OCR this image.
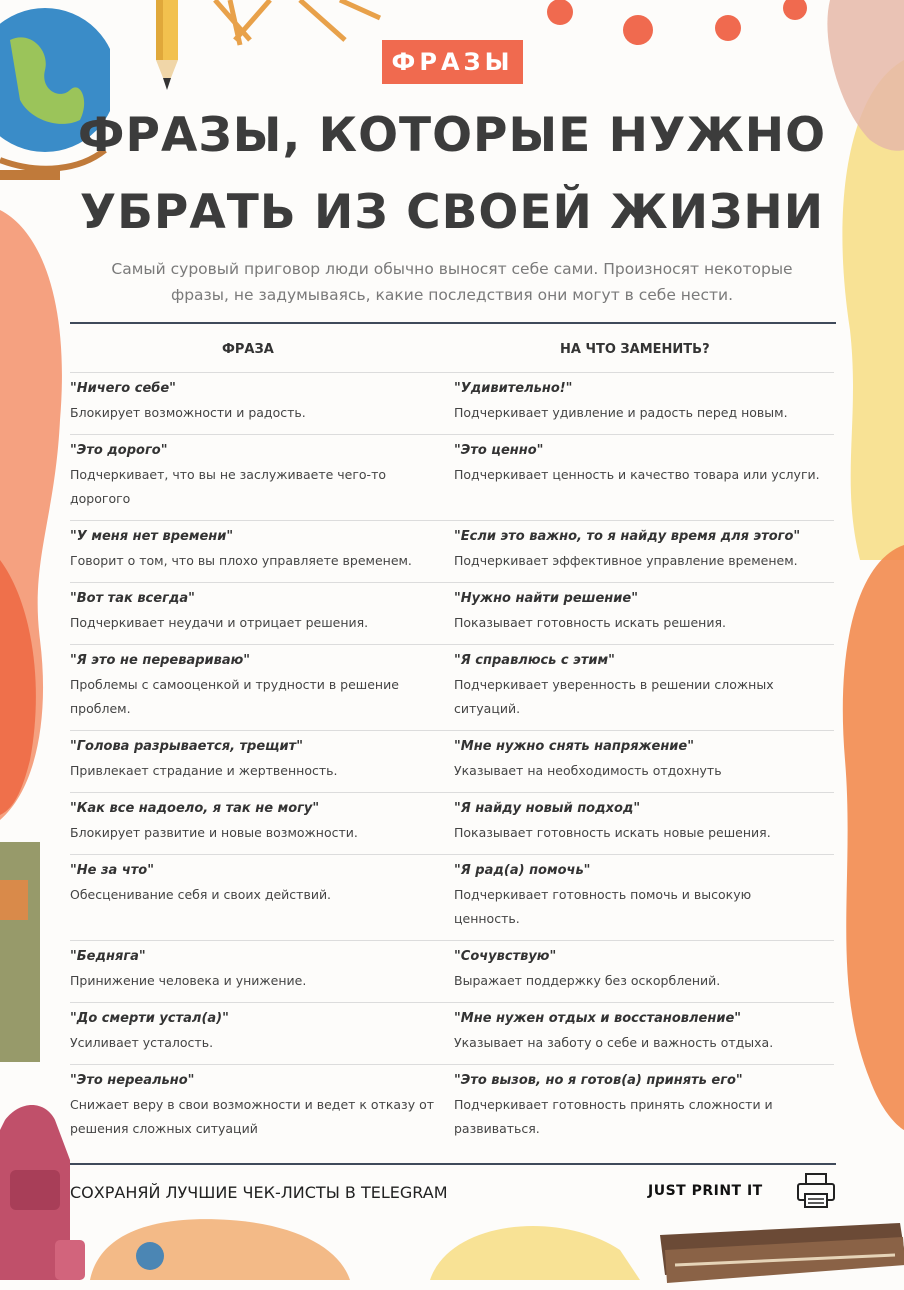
ФРАЗЫ
ФРАЗЫ, КОТОРЫЕ НУЖНО
УБРАТЬ ИЗ СВОЕЙ ЖИЗНИ
Самый суровый приговор люди обычно выносят себе сами. Произносят некоторые
фразы, не задумываясь, какие последствия они могут в себе нести.
ФРАЗА	НА ЧТО ЗАМЕНИТЬ?
"Ничего себе"
Блокирует возможности и радость.
"Удивительно!"
Подчеркивает удивление и радость перед новым.
"Это дорого"
Подчеркивает, что вы не заслуживаете чего-то дорогого
"Это ценно"
Подчеркивает ценность и качество товара или услуги.
"У меня нет времени"
Говорит о том, что вы плохо управляете временем.
"Если это важно, то я найду время для этого"
Подчеркивает эффективное управление временем.
"Вот так всегда"
Подчеркивает неудачи и отрицает решения.
"Нужно найти решение"
Показывает готовность искать решения.
"Я это не перевариваю"
Проблемы с самооценкой и трудности в решение проблем.
"Я справлюсь с этим"
Подчеркивает уверенность в решении сложных ситуаций.
"Голова разрывается, трещит"
Привлекает страдание и жертвенность.
"Мне нужно снять напряжение"
Указывает на необходимость отдохнуть
"Как все надоело, я так не могу"
Блокирует развитие и новые возможности.
"Я найду новый подход"
Показывает готовность искать новые решения.
"Не за что"
Обесценивание себя и своих действий.
"Я рад(а) помочь"
Подчеркивает готовность помочь и высокую ценность.
"Бедняга"
Принижение человека и унижение.
"Сочувствую"
Выражает поддержку без оскорблений.
"До смерти устал(а)"
Усиливает усталость.
"Мне нужен отдых и восстановление"
Указывает на заботу о себе и важность отдыха.
"Это нереально"
Снижает веру в свои возможности и ведет к отказу от решения сложных ситуаций
"Это вызов, но я готов(а) принять его"
Подчеркивает готовность принять сложности и развиваться.
СОХРАНЯЙ ЛУЧШИЕ ЧЕК-ЛИСТЫ В TELEGRAM	JUST PRINT IT
